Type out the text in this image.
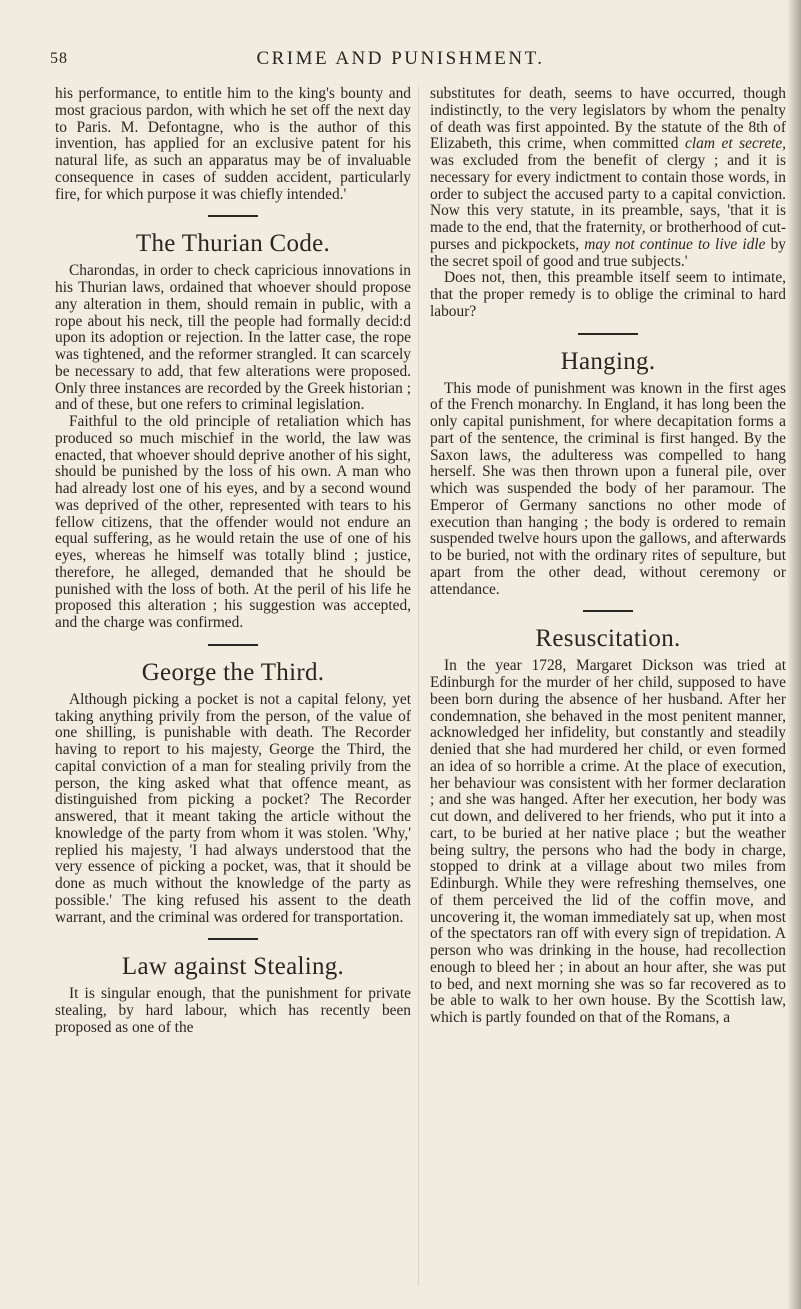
58	CRIME AND PUNISHMENT.

his performance, to entitle him to the king's bounty and most gracious pardon, with which he set off the next day to Paris. M. Defontagne, who is the author of this invention, has applied for an exclusive patent for his natural life, as such an apparatus may be of invaluable consequence in cases of sudden accident, particularly fire, for which purpose it was chiefly intended.'

The Thurian Code.

Charondas, in order to check capricious innovations in his Thurian laws, ordained that whoever should propose any alteration in them, should remain in public, with a rope about his neck, till the people had formally decid:d upon its adoption or rejection. In the latter case, the rope was tightened, and the reformer strangled. It can scarcely be necessary to add, that few alterations were proposed. Only three instances are recorded by the Greek historian ; and of these, but one refers to criminal legislation.

Faithful to the old principle of retaliation which has produced so much mischief in the world, the law was enacted, that whoever should deprive another of his sight, should be punished by the loss of his own. A man who had already lost one of his eyes, and by a second wound was deprived of the other, represented with tears to his fellow citizens, that the offender would not endure an equal suffering, as he would retain the use of one of his eyes, whereas he himself was totally blind ; justice, therefore, he alleged, demanded that he should be punished with the loss of both. At the peril of his life he proposed this alteration ; his suggestion was accepted, and the charge was confirmed.

George the Third.

Although picking a pocket is not a capital felony, yet taking anything privily from the person, of the value of one shilling, is punishable with death. The Recorder having to report to his majesty, George the Third, the capital conviction of a man for stealing privily from the person, the king asked what that offence meant, as distinguished from picking a pocket? The Recorder answered, that it meant taking the article without the knowledge of the party from whom it was stolen. 'Why,' replied his majesty, 'I had always understood that the very essence of picking a pocket, was, that it should be done as much without the knowledge of the party as possible.' The king refused his assent to the death warrant, and the criminal was ordered for transportation.

Law against Stealing.

It is singular enough, that the punishment for private stealing, by hard labour, which has recently been proposed as one of the

substitutes for death, seems to have occurred, though indistinctly, to the very legislators by whom the penalty of death was first appointed. By the statute of the 8th of Elizabeth, this crime, when committed clam et secrete, was excluded from the benefit of clergy ; and it is necessary for every indictment to contain those words, in order to subject the accused party to a capital conviction. Now this very statute, in its preamble, says, 'that it is made to the end, that the fraternity, or brotherhood of cut-purses and pickpockets, may not continue to live idle by the secret spoil of good and true subjects.'

Does not, then, this preamble itself seem to intimate, that the proper remedy is to oblige the criminal to hard labour?

Hanging.

This mode of punishment was known in the first ages of the French monarchy. In England, it has long been the only capital punishment, for where decapitation forms a part of the sentence, the criminal is first hanged. By the Saxon laws, the adulteress was compelled to hang herself. She was then thrown upon a funeral pile, over which was suspended the body of her paramour. The Emperor of Germany sanctions no other mode of execution than hanging ; the body is ordered to remain suspended twelve hours upon the gallows, and afterwards to be buried, not with the ordinary rites of sepulture, but apart from the other dead, without ceremony or attendance.

Resuscitation.

In the year 1728, Margaret Dickson was tried at Edinburgh for the murder of her child, supposed to have been born during the absence of her husband. After her condemnation, she behaved in the most penitent manner, acknowledged her infidelity, but constantly and steadily denied that she had murdered her child, or even formed an idea of so horrible a crime. At the place of execution, her behaviour was consistent with her former declaration ; and she was hanged. After her execution, her body was cut down, and delivered to her friends, who put it into a cart, to be buried at her native place ; but the weather being sultry, the persons who had the body in charge, stopped to drink at a village about two miles from Edinburgh. While they were refreshing themselves, one of them perceived the lid of the coffin move, and uncovering it, the woman immediately sat up, when most of the spectators ran off with every sign of trepidation. A person who was drinking in the house, had recollection enough to bleed her ; in about an hour after, she was put to bed, and next morning she was so far recovered as to be able to walk to her own house. By the Scottish law, which is partly founded on that of the Romans, a
